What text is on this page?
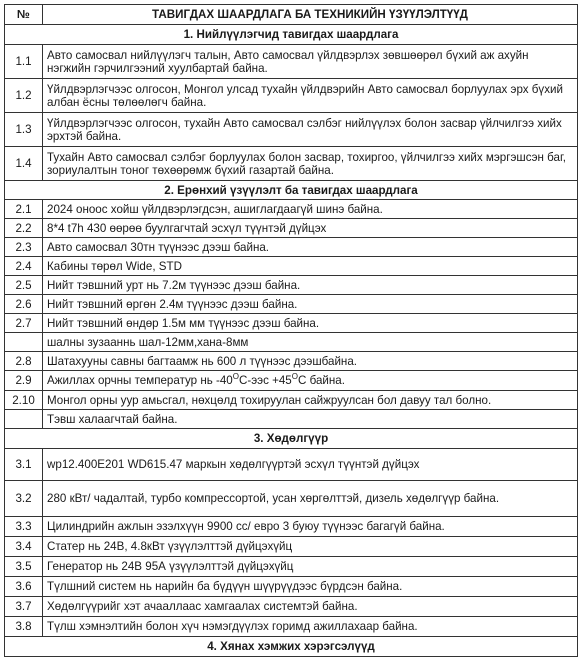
№	ТАВИГДАХ ШААРДЛАГА БА ТЕХНИКИЙН ҮЗҮҮЛЭЛТҮҮД
1. Нийлүүлэгчид тавигдах шаардлага	
1.1	Авто самосвал нийлүүлэгч талын, Авто самосвал үйлдвэрлэх зөвшөөрөл бүхий аж ахуйн нэгжийн гэрчилгээний хуулбартай байна.
1.2	Үйлдвэрлэгчээс олгосон, Монгол улсад тухайн үйлдвэрийн Авто самосвал борлуулах эрх бүхий албан ёсны төлөөлөгч байна.
1.3	Үйлдвэрлэгчээс олгосон, тухайн Авто самосвал сэлбэг нийлүүлэх болон засвар үйлчилгээ хийх эрхтэй байна.
1.4	Тухайн Авто самосвал сэлбэг борлуулах болон засвар, тохиргоо, үйлчилгээ хийх мэргэшсэн баг, зориулалтын тоног төхөөрөмж бүхий газартай байна.
2. Ерөнхий үзүүлэлт ба тавигдах шаардлага	
2.1	2024 оноос хойш үйлдвэрлэгдсэн, ашиглагдаагүй шинэ байна.
2.2	8*4 t7h 430 өөрөө буулгагчтай эсхүл түүнтэй дүйцэх
2.3	Авто самосвал 30тн түүнээс дээш байна.
2.4	Кабины төрөл Wide, STD
2.5	Нийт тэвшний урт нь 7.2м түүнээс дээш байна.
2.6	Нийт тэвшний өргөн 2.4м түүнээс дээш байна.
2.7	Нийт тэвшний өндөр 1.5м мм түүнээс дээш байна.
	шалны зузааннь шал-12мм,хана-8мм
2.8	Шатахууны савны багтаамж нь 600 л түүнээс дээшбайна.
2.9	Ажиллах орчны температур нь $-40^OC$-ээс $+45^OC$ байна.
2.10	Монгол орны уур амьсгал, нөхцөлд тохируулан сайжруулсан бол давуу тал болно.
	Тэвш халаагчтай байна.
3. Хөдөлгүүр	
3.1	wp12.400E201 WD615.47 маркын хөдөлгүүртэй эсхүл түүнтэй дүйцэх
3.2	280 кВт/ чадалтай, турбо компрессортой, усан хөргөлттэй, дизель хөдөлгүүр байна.
3.3	Цилиндрийн ажлын эзэлхүүн 9900 cc/ евро 3 буюу түүнээс багагүй байна.
3.4	Статер нь 24В, 4.8кВт үзүүлэлттэй дүйцэхүйц
3.5	Генератор нь 24В 95А үзүүлэлттэй дүйцэхүйц
3.6	Түлшний систем нь нарийн ба бүдүүн шүүрүүдээс бүрдсэн байна.
3.7	Хөдөлгүүрийг хэт ачааллаас хамгаалах системтэй байна.
3.8	Түлш хэмнэлтийн болон хүч нэмэгдүүлэх горимд ажиллахаар байна.
4. Хянах хэмжих хэрэгсэлүүд	
